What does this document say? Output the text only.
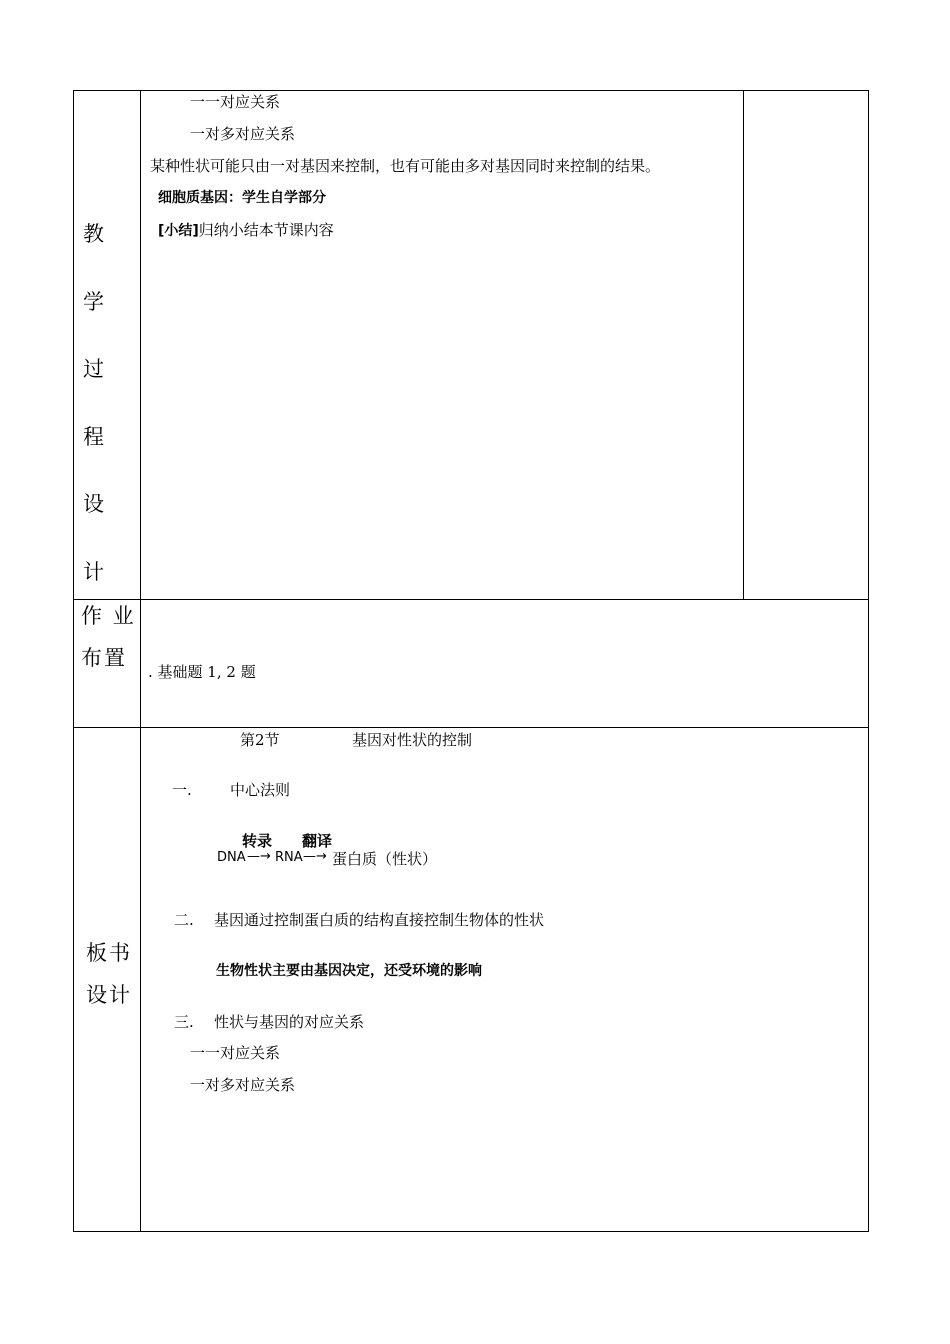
教
学
过
程
设
计
一一对应关系
一对多对应关系
某种性状可能只由一对基因来控制，也有可能由多对基因同时来控制的结果。
细胞质基因：学生自学部分
[小结]归纳小结本节课内容
作 业
布置
. 基础题 1, 2 题
板书
设计
第2节	基因对性状的控制
一.	中心法则
转录 翻译
DNA —→ RNA —→ 蛋白质（性状）
二. 基因通过控制蛋白质的结构直接控制生物体的性状
生物性状主要由基因决定，还受环境的影响
三. 性状与基因的对应关系
一一对应关系
一对多对应关系
